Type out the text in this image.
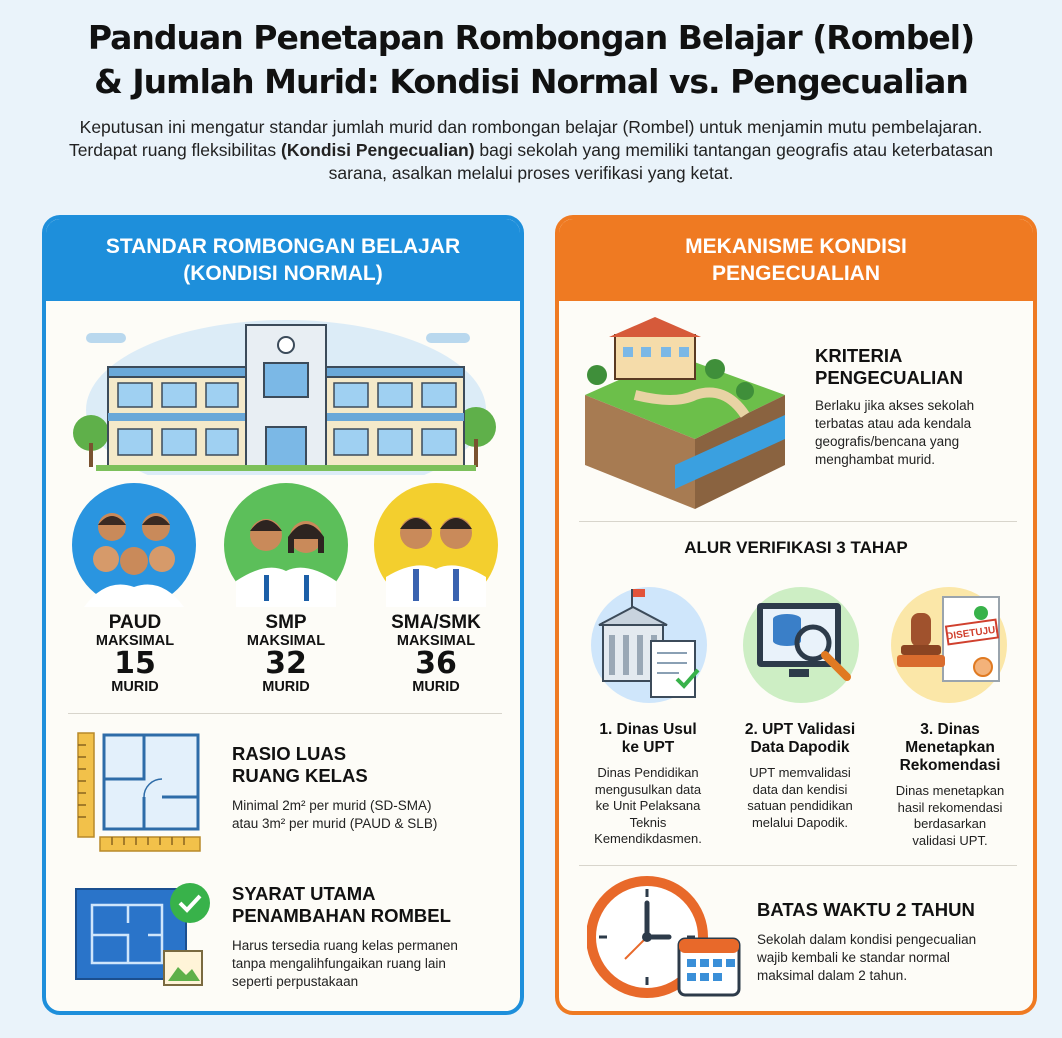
Panduan Penetapan Rombongan Belajar (Rombel)
& Jumlah Murid: Kondisi Normal vs. Pengecualian

Keputusan ini mengatur standar jumlah murid dan rombongan belajar (Rombel) untuk menjamin mutu pembelajaran. Terdapat ruang fleksibilitas (Kondisi Pengecualian) bagi sekolah yang memiliki tantangan geografis atau keterbatasan sarana, asalkan melalui proses verifikasi yang ketat.

STANDAR ROMBONGAN BELAJAR
(KONDISI NORMAL)
PAUD
MAKSIMAL
15
MURID
SMP
MAKSIMAL
32
MURID
SMA/SMK
MAKSIMAL
36
MURID
RASIO LUAS
RUANG KELAS
Minimal 2m² per murid (SD-SMA)
atau 3m² per murid (PAUD & SLB)
SYARAT UTAMA
PENAMBAHAN ROMBEL
Harus tersedia ruang kelas permanen
tanpa mengalihfungaikan ruang lain
seperti perpustakaan
MEKANISME KONDISI
PENGECUALIAN
KRITERIA
PENGECUALIAN
Berlaku jika akses sekolah
terbatas atau ada kendala
geografis/bencana yang
menghambat murid.
ALUR VERIFIKASI 3 TAHAP
DISETUJUI
1. Dinas Usul
ke UPT
Dinas Pendidikan
mengusulkan data
ke Unit Pelaksana
Teknis
Kemendikdasmen.
2. UPT Validasi
Data Dapodik
UPT memvalidasi
data dan kendisi
satuan pendidikan
melalui Dapodik.
3. Dinas
Menetapkan
Rekomendasi
Dinas menetapkan
hasil rekomendasi
berdasarkan
validasi UPT.
BATAS WAKTU 2 TAHUN
Sekolah dalam kondisi pengecualian
wajib kembali ke standar normal
maksimal dalam 2 tahun.
